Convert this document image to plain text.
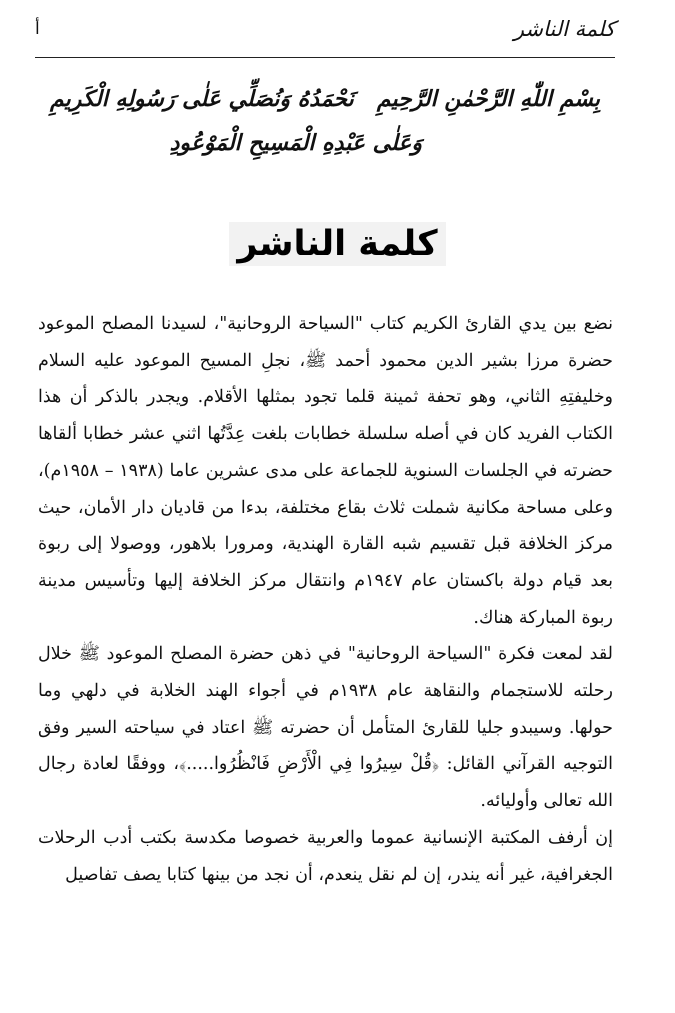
كلمة الناشر
أ
بِسْمِ اللّٰهِ الرَّحْمٰنِ الرَّحِيمِ
نَحْمَدُهُ وَنُصَلِّي عَلٰى رَسُولِهِ الْكَرِيمِ
وَعَلٰى عَبْدِهِ الْمَسِيحِ الْمَوْعُودِ
كلمة الناشر

نضع بين يدي القارئ الكريم كتاب "السياحة الروحانية"، لسيدنا المصلح الموعود حضرة مرزا بشير الدين محمود أحمد ﷺ، نجلِ المسيح الموعود عليه السلام وخليفتِهِ الثاني، وهو تحفة ثمينة قلما تجود بمثلها الأقلام. ويجدر بالذكر أن هذا الكتاب الفريد كان في أصله سلسلة خطابات بلغت عِدَّتُها اثني عشر خطابا ألقاها حضرته في الجلسات السنوية للجماعة على مدى عشرين عاما (١٩٣٨ – ١٩٥٨م)، وعلى مساحة مكانية شملت ثلاث بقاع مختلفة، بدءا من قاديان دار الأمان، حيث مركز الخلافة قبل تقسيم شبه القارة الهندية، ومرورا بلاهور، ووصولا إلى ربوة بعد قيام دولة باكستان عام ١٩٤٧م وانتقال مركز الخلافة إليها وتأسيس مدينة ربوة المباركة هناك.

لقد لمعت فكرة "السياحة الروحانية" في ذهن حضرة المصلح الموعود ﷺ خلال رحلته للاستجمام والنقاهة عام ١٩٣٨م في أجواء الهند الخلابة في دلهي وما حولها. وسيبدو جليا للقارئ المتأمل أن حضرته ﷺ اعتاد في سياحته السير وفق التوجيه القرآني القائل: ﴿قُلْ سِيرُوا فِي الْأَرْضِ فَانْظُرُوا.....﴾، ووفقًا لعادة رجال الله تعالى وأوليائه.

إن أرفف المكتبة الإنسانية عموما والعربية خصوصا مكدسة بكتب أدب الرحلات الجغرافية، غير أنه يندر، إن لم نقل ينعدم، أن نجد من بينها كتابا يصف تفاصيل
